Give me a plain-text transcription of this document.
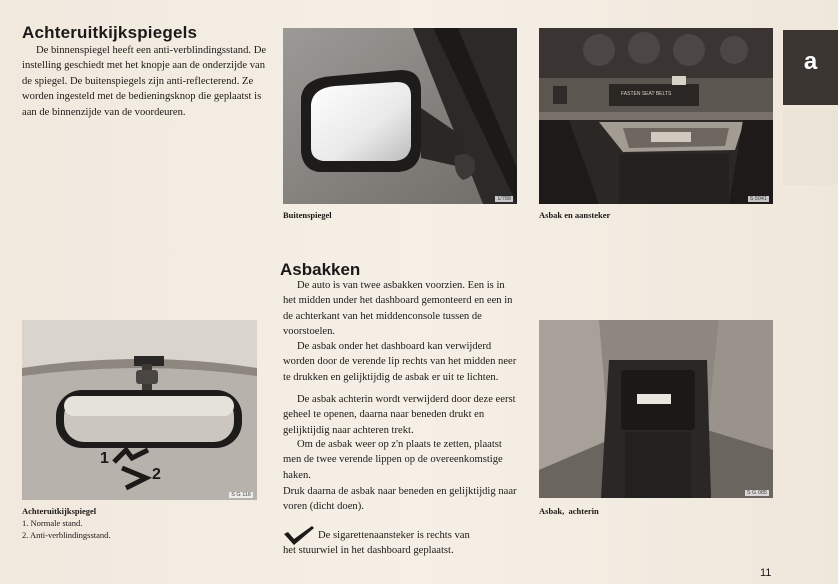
Achteruitkijkspiegels

De binnenspiegel heeft een anti-verblindingsstand. De instelling geschiedt met het knopje aan de onderzijde van de spiegel. De buitenspiegels zijn anti-reflecterend. Ze worden ingesteld met de bedieningsknop die geplaatst is aan de binnenzijde van de voordeuren.

1/788
Buitenspiegel
FASTEN SEAT BELTS
S 5041
Asbak en aansteker
a
Asbakken

De auto is van twee asbakken voorzien. Een is in het midden under het dashboard gemonteerd en een in de achterkant van het middenconsole tussen de voorstoelen.

De asbak onder het dashboard kan verwijderd worden door de verende lip rechts van het midden neer te drukken en gelijktijdig de asbak er uit te lichten.

De asbak achterin wordt verwijderd door deze eerst geheel te openen, daarna naar beneden drukt en gelijktijdig naar achteren trekt.

Om de asbak weer op z'n plaats te zetten, plaatst men de twee verende lippen op de overeenkomstige haken.

Druk daarna de asbak naar beneden en gelijktijdig naar voren (dicht doen).

De sigarettenaansteker is rechts van
het stuurwiel in het dashboard geplaatst.
1
2
S G 116
Achteruitkijkspiegel
1. Normale stand.
2. Anti-verblindingsstand.
S G 085
Asbak,  achterin
11
